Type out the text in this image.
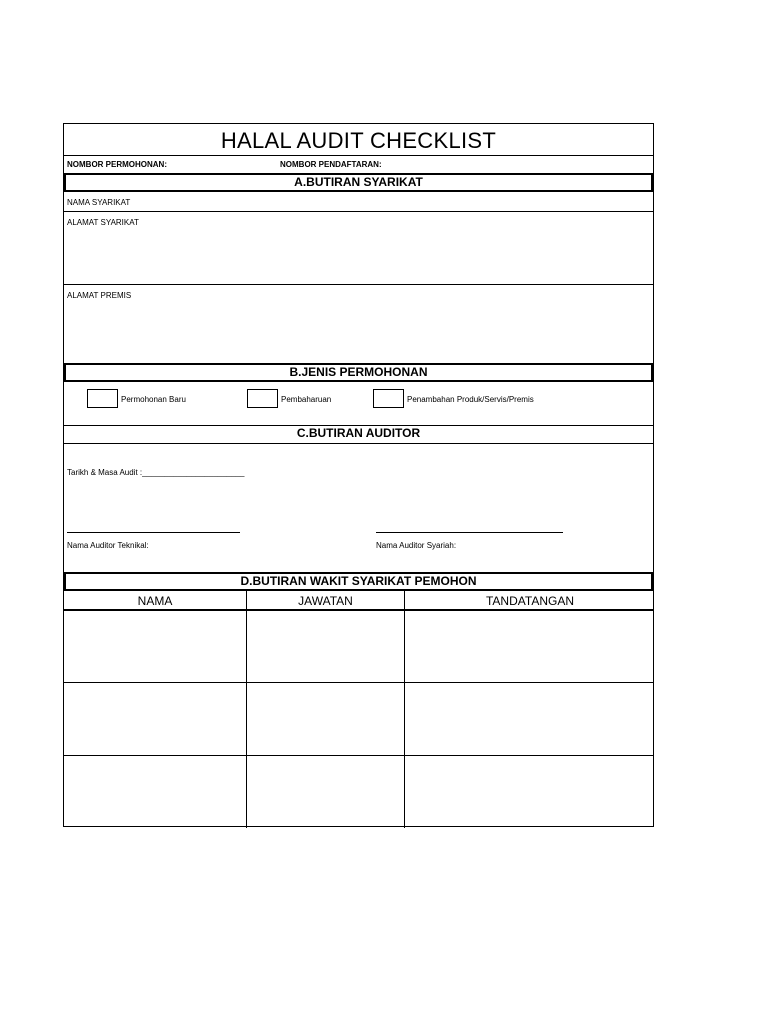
HALAL AUDIT CHECKLIST
NOMBOR PERMOHONAN:	NOMBOR PENDAFTARAN:
A.BUTIRAN SYARIKAT
NAMA SYARIKAT
ALAMAT SYARIKAT
ALAMAT PREMIS
B.JENIS PERMOHONAN
Permohonan Baru	Pembaharuan	Penambahan Produk/Servis/Premis
C.BUTIRAN AUDITOR
Tarikh & Masa Audit :_______________________
Nama Auditor Teknikal:	Nama Auditor Syariah:
D.BUTIRAN WAKIT SYARIKAT PEMOHON
NAMA	JAWATAN	TANDATANGAN
